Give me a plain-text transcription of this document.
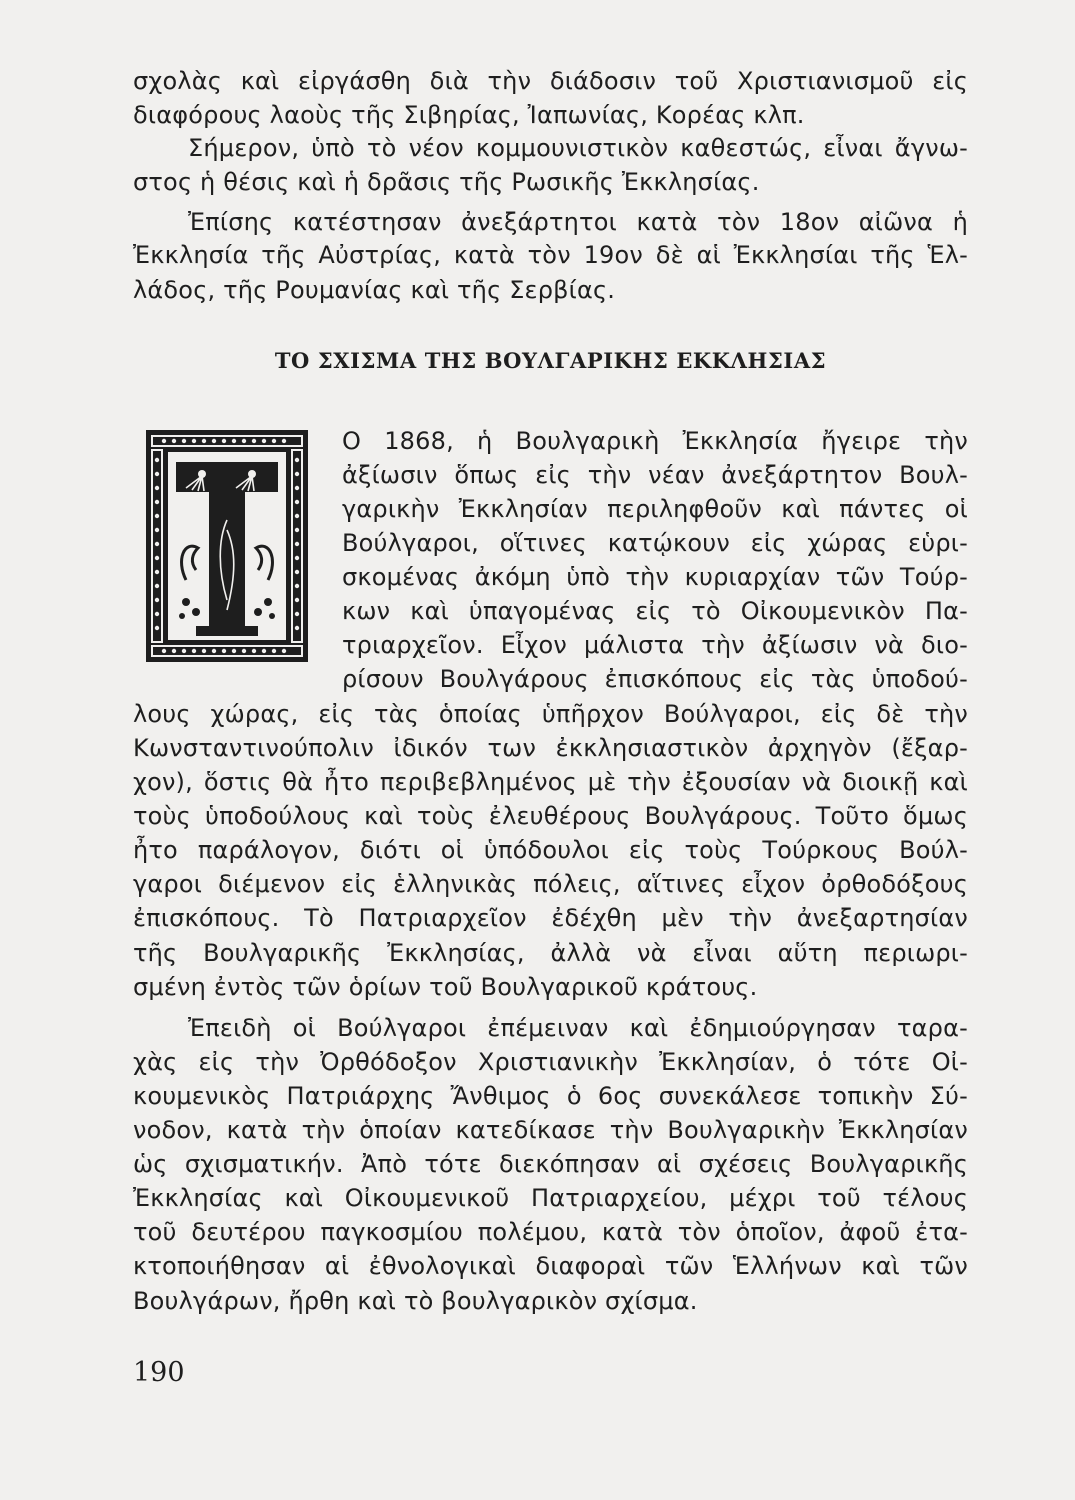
σχολὰς καὶ εἰργάσθη διὰ τὴν διάδοσιν τοῦ Χριστιανισμοῦ εἰς
διαφόρους λαοὺς τῆς Σιβηρίας, Ἰαπωνίας, Κορέας κλπ.
Σήμερον, ὑπὸ τὸ νέον κομμουνιστικὸν καθεστώς, εἶναι ἄγνω-
στος ἡ θέσις καὶ ἡ δρᾶσις τῆς Ρωσικῆς Ἐκκλησίας.
Ἐπίσης κατέστησαν ἀνεξάρτητοι κατὰ τὸν 18ον αἰῶνα ἡ
Ἐκκλησία τῆς Αὐστρίας, κατὰ τὸν 19ον δὲ αἱ Ἐκκλησίαι τῆς Ἑλ-
λάδος, τῆς Ρουμανίας καὶ τῆς Σερβίας.
ΤΟ ΣΧΙΣΜΑ ΤΗΣ ΒΟΥΛΓΑΡΙΚΗΣ ΕΚΚΛΗΣΙΑΣ
Ο 1868, ἡ Βουλγαρικὴ Ἐκκλησία ἤγειρε τὴν
ἀξίωσιν ὅπως εἰς τὴν νέαν ἀνεξάρτητον Βουλ-
γαρικὴν Ἐκκλησίαν περιληφθοῦν καὶ πάντες οἱ
Βούλγαροι, οἵτινες κατῴκουν εἰς χώρας εὑρι-
σκομένας ἀκόμη ὑπὸ τὴν κυριαρχίαν τῶν Τούρ-
κων καὶ ὑπαγομένας εἰς τὸ Οἰκουμενικὸν Πα-
τριαρχεῖον. Εἶχον μάλιστα τὴν ἀξίωσιν νὰ διο-
ρίσουν Βουλγάρους ἐπισκόπους εἰς τὰς ὑποδού-
λους χώρας, εἰς τὰς ὁποίας ὑπῆρχον Βούλγαροι, εἰς δὲ τὴν
Κωνσταντινούπολιν ἰδικόν των ἐκκλησιαστικὸν ἀρχηγὸν (ἔξαρ-
χον), ὅστις θὰ ἦτο περιβεβλημένος μὲ τὴν ἐξουσίαν νὰ διοικῇ καὶ
τοὺς ὑποδούλους καὶ τοὺς ἐλευθέρους Βουλγάρους. Τοῦτο ὅμως
ἦτο παράλογον, διότι οἱ ὑπόδουλοι εἰς τοὺς Τούρκους Βούλ-
γαροι διέμενον εἰς ἑλληνικὰς πόλεις, αἵτινες εἶχον ὀρθοδόξους
ἐπισκόπους. Τὸ Πατριαρχεῖον ἐδέχθη μὲν τὴν ἀνεξαρτησίαν
τῆς Βουλγαρικῆς Ἐκκλησίας, ἀλλὰ νὰ εἶναι αὕτη περιωρι-
σμένη ἐντὸς τῶν ὁρίων τοῦ Βουλγαρικοῦ κράτους.
Ἐπειδὴ οἱ Βούλγαροι ἐπέμειναν καὶ ἐδημιούργησαν ταρα-
χὰς εἰς τὴν Ὀρθόδοξον Χριστιανικὴν Ἐκκλησίαν, ὁ τότε Οἰ-
κουμενικὸς Πατριάρχης Ἄνθιμος ὁ 6ος συνεκάλεσε τοπικὴν Σύ-
νοδον, κατὰ τὴν ὁποίαν κατεδίκασε τὴν Βουλγαρικὴν Ἐκκλησίαν
ὡς σχισματικήν. Ἀπὸ τότε διεκόπησαν αἱ σχέσεις Βουλγαρικῆς
Ἐκκλησίας καὶ Οἰκουμενικοῦ Πατριαρχείου, μέχρι τοῦ τέλους
τοῦ δευτέρου παγκοσμίου πολέμου, κατὰ τὸν ὁποῖον, ἀφοῦ ἐτα-
κτοποιήθησαν αἱ ἐθνολογικαὶ διαφοραὶ τῶν Ἑλλήνων καὶ τῶν
Βουλγάρων, ἤρθη καὶ τὸ βουλγαρικὸν σχίσμα.
190
